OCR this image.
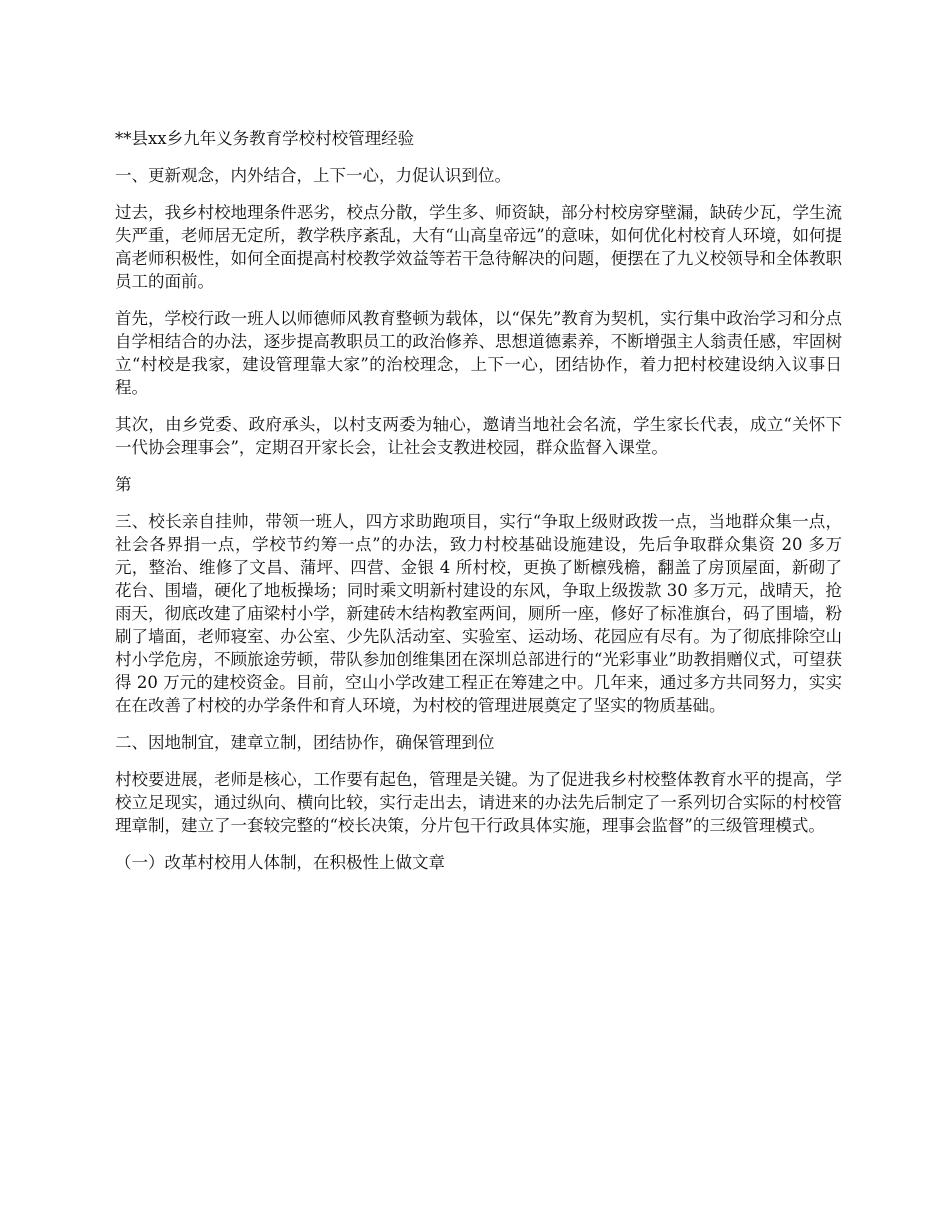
**县xx乡九年义务教育学校村校管理经验

一、更新观念，内外结合，上下一心，力促认识到位。

过去，我乡村校地理条件恶劣，校点分散，学生多、师资缺，部分村校房穿壁漏，缺砖少瓦，学生流失严重，老师居无定所，教学秩序紊乱，大有“山高皇帝远”的意味，如何优化村校育人环境，如何提高老师积极性，如何全面提高村校教学效益等若干急待解决的问题，便摆在了九义校领导和全体教职员工的面前。

首先，学校行政一班人以师德师风教育整顿为载体，以“保先”教育为契机，实行集中政治学习和分点自学相结合的办法，逐步提高教职员工的政治修养、思想道德素养，不断增强主人翁责任感，牢固树立“村校是我家，建设管理靠大家”的治校理念，上下一心，团结协作，着力把村校建设纳入议事日程。

其次，由乡党委、政府承头，以村支两委为轴心，邀请当地社会名流，学生家长代表，成立“关怀下一代协会理事会”，定期召开家长会，让社会支教进校园，群众监督入课堂。

第

三、校长亲自挂帅，带领一班人，四方求助跑项目，实行“争取上级财政拨一点，当地群众集一点，社会各界捐一点，学校节约筹一点”的办法，致力村校基础设施建设，先后争取群众集资 20 多万元，整治、维修了文昌、蒲坪、四营、金银 4 所村校，更换了断檩残檐，翻盖了房顶屋面，新砌了花台、围墙，硬化了地板操场；同时乘文明新村建设的东风，争取上级拨款 30 多万元，战晴天，抢雨天，彻底改建了庙梁村小学，新建砖木结构教室两间，厕所一座，修好了标准旗台，码了围墙，粉刷了墙面，老师寝室、办公室、少先队活动室、实验室、运动场、花园应有尽有。为了彻底排除空山村小学危房，不顾旅途劳顿，带队参加创维集团在深圳总部进行的“光彩事业”助教捐赠仪式，可望获得 20 万元的建校资金。目前，空山小学改建工程正在筹建之中。几年来，通过多方共同努力，实实在在改善了村校的办学条件和育人环境，为村校的管理进展奠定了坚实的物质基础。

二、因地制宜，建章立制，团结协作，确保管理到位

村校要进展，老师是核心，工作要有起色，管理是关键。为了促进我乡村校整体教育水平的提高，学校立足现实，通过纵向、横向比较，实行走出去，请进来的办法先后制定了一系列切合实际的村校管理章制，建立了一套较完整的“校长决策，分片包干行政具体实施，理事会监督”的三级管理模式。

（一）改革村校用人体制，在积极性上做文章
